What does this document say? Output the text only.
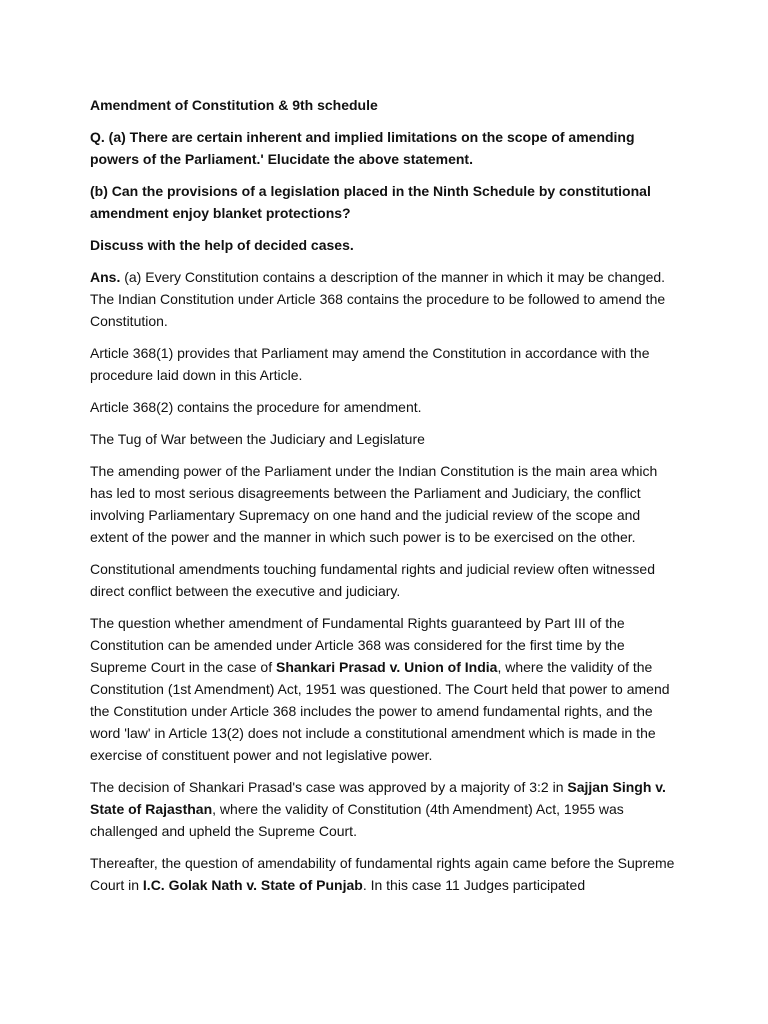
Amendment of Constitution & 9th schedule

Q. (a) There are certain inherent and implied limitations on the scope of amending powers of the Parliament.' Elucidate the above statement.

(b) Can the provisions of a legislation placed in the Ninth Schedule by constitutional amendment enjoy blanket protections?

Discuss with the help of decided cases.

Ans. (a) Every Constitution contains a description of the manner in which it may be changed. The Indian Constitution under Article 368 contains the procedure to be followed to amend the Constitution.

Article 368(1) provides that Parliament may amend the Constitution in accordance with the procedure laid down in this Article.

Article 368(2) contains the procedure for amendment.

The Tug of War between the Judiciary and Legislature

The amending power of the Parliament under the Indian Constitution is the main area which has led to most serious disagreements between the Parliament and Judiciary, the conflict involving Parliamentary Supremacy on one hand and the judicial review of the scope and extent of the power and the manner in which such power is to be exercised on the other.

Constitutional amendments touching fundamental rights and judicial review often witnessed direct conflict between the executive and judiciary.

The question whether amendment of Fundamental Rights guaranteed by Part III of the Constitution can be amended under Article 368 was considered for the first time by the Supreme Court in the case of Shankari Prasad v. Union of India, where the validity of the Constitution (1st Amendment) Act, 1951 was questioned. The Court held that power to amend the Constitution under Article 368 includes the power to amend fundamental rights, and the word 'law' in Article 13(2) does not include a constitutional amendment which is made in the exercise of constituent power and not legislative power.

The decision of Shankari Prasad's case was approved by a majority of 3:2 in Sajjan Singh v. State of Rajasthan, where the validity of Constitution (4th Amendment) Act, 1955 was challenged and upheld the Supreme Court.

Thereafter, the question of amendability of fundamental rights again came before the Supreme Court in I.C. Golak Nath v. State of Punjab. In this case 11 Judges participated
